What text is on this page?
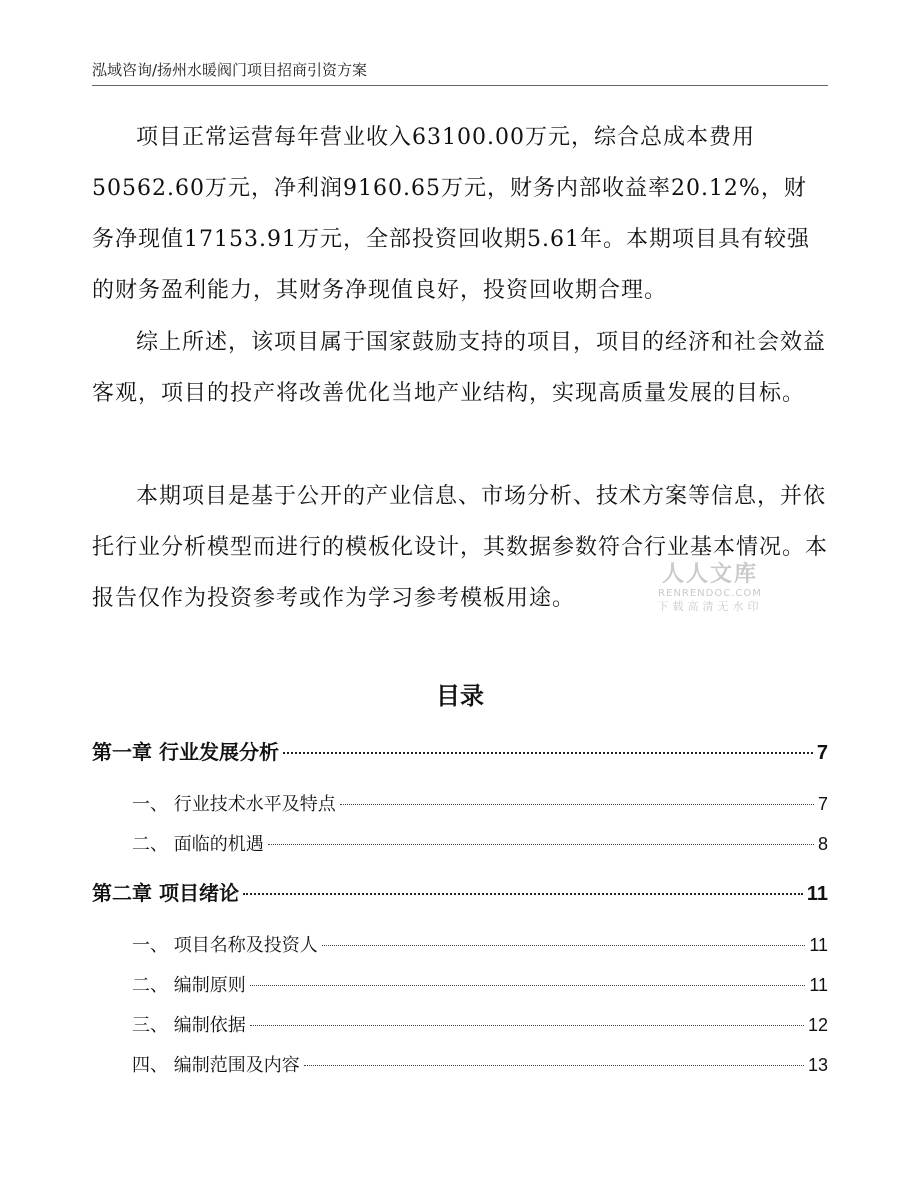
泓域咨询/扬州水暖阀门项目招商引资方案

项目正常运营每年营业收入63100.00万元，综合总成本费用50562.60万元，净利润9160.65万元，财务内部收益率20.12%，财务净现值17153.91万元，全部投资回收期5.61年。本期项目具有较强的财务盈利能力，其财务净现值良好，投资回收期合理。

综上所述，该项目属于国家鼓励支持的项目，项目的经济和社会效益客观，项目的投产将改善优化当地产业结构，实现高质量发展的目标。

本期项目是基于公开的产业信息、市场分析、技术方案等信息，并依托行业分析模型而进行的模板化设计，其数据参数符合行业基本情况。本报告仅作为投资参考或作为学习参考模板用途。

人人文库
RENRENDOC.COM
下载高清无水印
目录
第一章 行业发展分析	7
一、 行业技术水平及特点	7
二、 面临的机遇	8
第二章 项目绪论	11
一、 项目名称及投资人	11
二、 编制原则	11
三、 编制依据	12
四、 编制范围及内容	13
